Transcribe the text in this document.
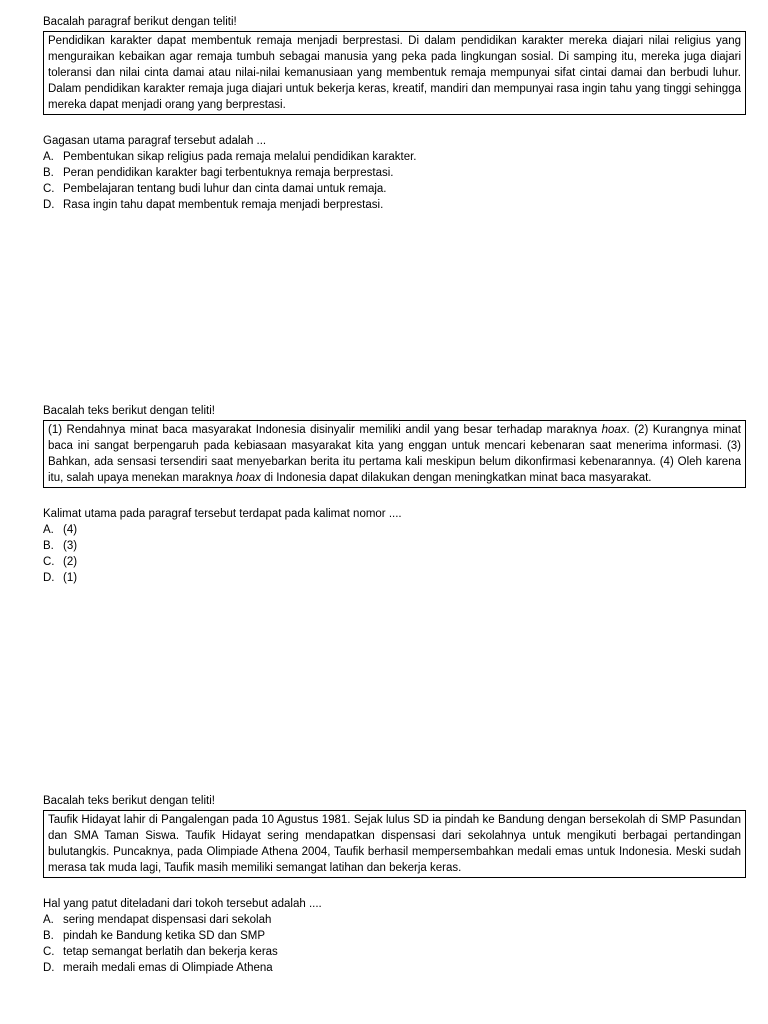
Bacalah paragraf berikut dengan teliti!

Pendidikan karakter dapat membentuk remaja menjadi berprestasi. Di dalam pendidikan karakter mereka diajari nilai religius yang menguraikan kebaikan agar remaja tumbuh sebagai manusia yang peka pada lingkungan sosial. Di samping itu, mereka juga diajari toleransi dan nilai cinta damai atau nilai-nilai kemanusiaan yang membentuk remaja mempunyai sifat cintai damai dan berbudi luhur. Dalam pendidikan karakter remaja juga diajari untuk bekerja keras, kreatif, mandiri dan mempunyai rasa ingin tahu yang tinggi sehingga mereka dapat menjadi orang yang berprestasi.

Gagasan utama paragraf tersebut adalah ...

A. Pembentukan sikap religius pada remaja melalui pendidikan karakter.
B. Peran pendidikan karakter bagi terbentuknya remaja berprestasi.
C. Pembelajaran tentang budi luhur dan cinta damai untuk remaja.
D. Rasa ingin tahu dapat membentuk remaja menjadi berprestasi.

Bacalah teks berikut dengan teliti!

(1) Rendahnya minat baca masyarakat Indonesia disinyalir memiliki andil yang besar terhadap maraknya hoax. (2) Kurangnya minat baca ini sangat berpengaruh pada kebiasaan masyarakat kita yang enggan untuk mencari kebenaran saat menerima informasi. (3) Bahkan, ada sensasi tersendiri saat menyebarkan berita itu pertama kali meskipun belum dikonfirmasi kebenarannya. (4) Oleh karena itu, salah upaya menekan maraknya hoax di Indonesia dapat dilakukan dengan meningkatkan minat baca masyarakat.

Kalimat utama pada paragraf tersebut terdapat pada kalimat nomor ....

A. (4)
B. (3)
C. (2)
D. (1)

Bacalah teks berikut dengan teliti!

Taufik Hidayat lahir di Pangalengan pada 10 Agustus 1981. Sejak lulus SD ia pindah ke Bandung dengan bersekolah di SMP Pasundan dan SMA Taman Siswa. Taufik Hidayat sering mendapatkan dispensasi dari sekolahnya untuk mengikuti berbagai pertandingan bulutangkis. Puncaknya, pada Olimpiade Athena 2004, Taufik berhasil mempersembahkan medali emas untuk Indonesia. Meski sudah merasa tak muda lagi, Taufik masih memiliki semangat latihan dan bekerja keras.

Hal yang patut diteladani dari tokoh tersebut adalah ....

A. sering mendapat dispensasi dari sekolah
B. pindah ke Bandung ketika SD dan SMP
C. tetap semangat berlatih dan bekerja keras
D. meraih medali emas di Olimpiade Athena
